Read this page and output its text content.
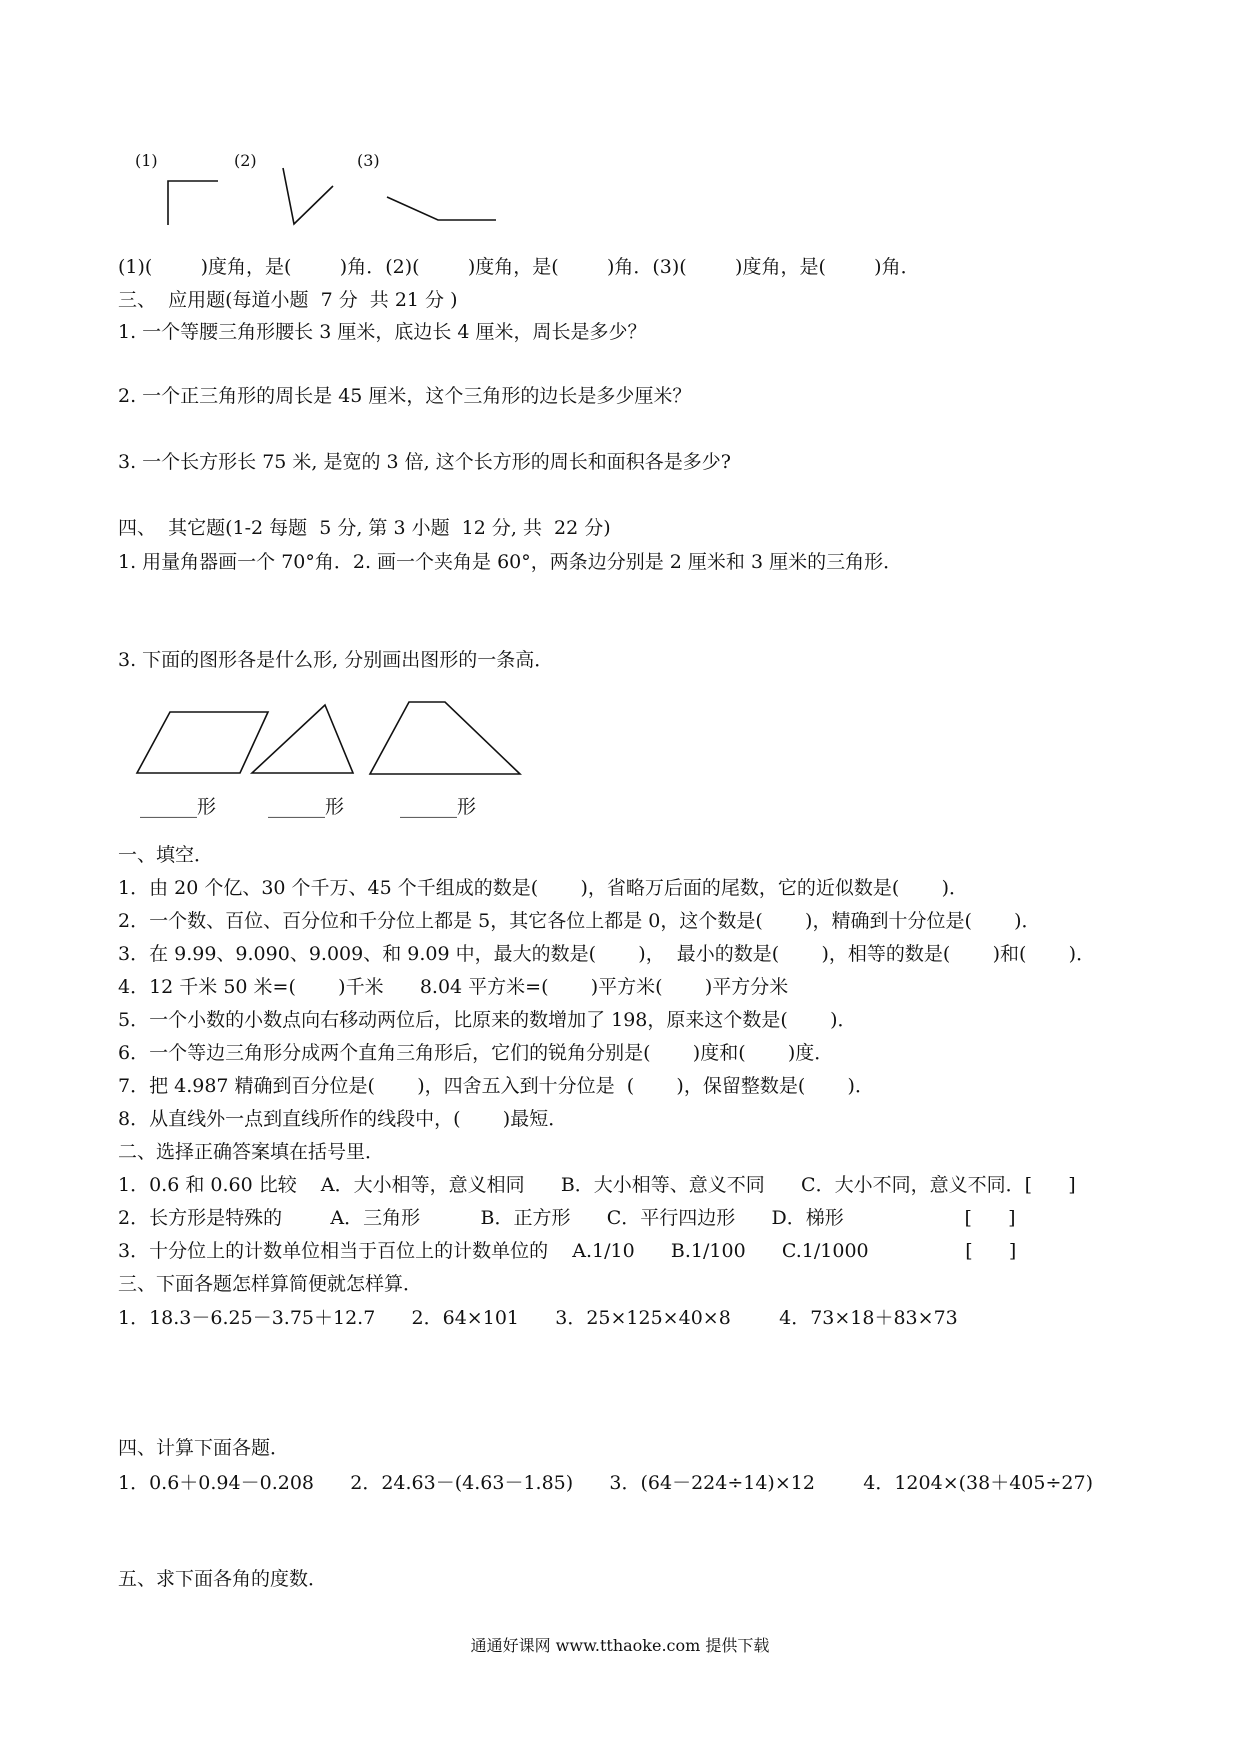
(1)	(2)	(3)
(1)(        )度角，是(        )角．(2)(        )度角，是(        )角．(3)(        )度角，是(        )角．
三、  应用题(每道小题  7 分  共 21 分 )
1. 一个等腰三角形腰长 3 厘米，底边长 4 厘米，周长是多少？
2. 一个正三角形的周长是 45 厘米，这个三角形的边长是多少厘米？
3. 一个长方形长 75 米, 是宽的 3 倍, 这个长方形的周长和面积各是多少?
四、  其它题(1-2 每题  5 分, 第 3 小题  12 分, 共  22 分)
1. 用量角器画一个 70°角．2. 画一个夹角是 60°，两条边分别是 2 厘米和 3 厘米的三角形．
3. 下面的图形各是什么形, 分别画出图形的一条高．
______形	______形	______形
一、填空．
1．由 20 个亿、30 个千万、45 个千组成的数是(       )，省略万后面的尾数，它的近似数是(       )．
2．一个数、百位、百分位和千分位上都是 5，其它各位上都是 0，这个数是(       )，精确到十分位是(       )．
3．在 9.99、9.090、9.009、和 9.09 中，最大的数是(       )，  最小的数是(       )，相等的数是(       )和(       )．
4．12 千米 50 米=(       )千米      8.04 平方米=(       )平方米(       )平方分米
5．一个小数的小数点向右移动两位后，比原来的数增加了 198，原来这个数是(       )．
6．一个等边三角形分成两个直角三角形后，它们的锐角分别是(       )度和(       )度．
7．把 4.987 精确到百分位是(       )，四舍五入到十分位是  (       )，保留整数是(       )．
8．从直线外一点到直线所作的线段中，(       )最短．
二、选择正确答案填在括号里．
1．0.6 和 0.60 比较    A．大小相等，意义相同      B．大小相等、意义不同      C．大小不同，意义不同．[      ]
2．长方形是特殊的        A．三角形          B．正方形      C．平行四边形      D．梯形                    [      ]
3．十分位上的计数单位相当于百位上的计数单位的    A.1/10      B.1/100      C.1/1000                [      ]
三、下面各题怎样算简便就怎样算．
1．18.3－6.25－3.75＋12.7      2．64×101      3．25×125×40×8        4．73×18＋83×73
四、计算下面各题．
1．0.6＋0.94－0.208      2．24.63－(4.63－1.85)      3．(64－224÷14)×12        4．1204×(38＋405÷27)
五、求下面各角的度数．
通通好课网 www.tthaoke.com 提供下载
